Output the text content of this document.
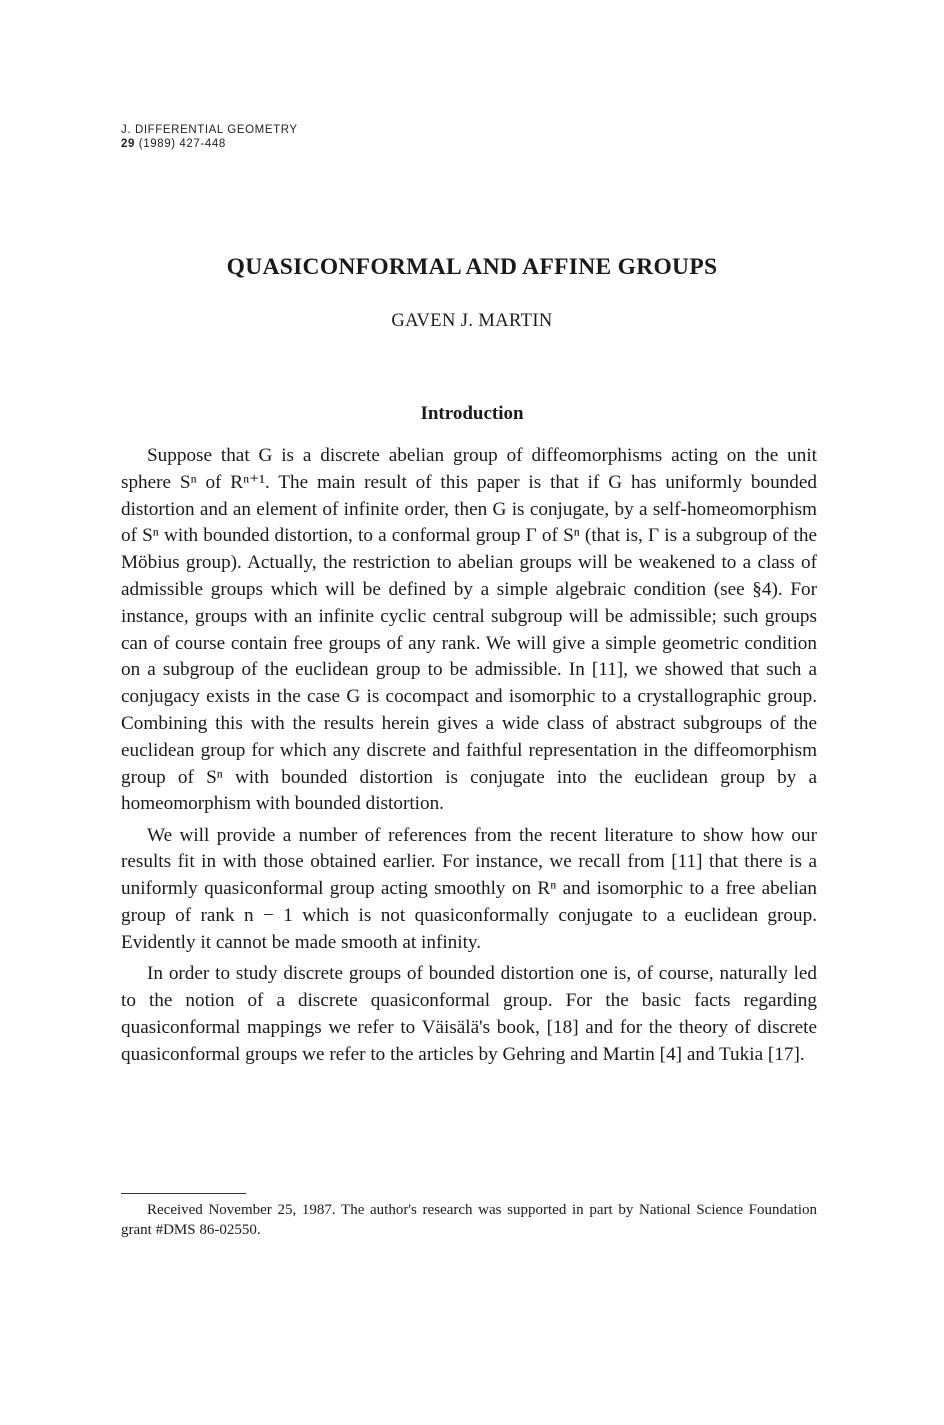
J. DIFFERENTIAL GEOMETRY
29 (1989) 427-448
QUASICONFORMAL AND AFFINE GROUPS
GAVEN J. MARTIN
Introduction

Suppose that G is a discrete abelian group of diffeomorphisms acting on the unit sphere Sⁿ of Rⁿ⁺¹. The main result of this paper is that if G has uniformly bounded distortion and an element of infinite order, then G is conjugate, by a self-homeomorphism of Sⁿ with bounded distortion, to a conformal group Γ of Sⁿ (that is, Γ is a subgroup of the Möbius group). Actually, the restriction to abelian groups will be weakened to a class of admissible groups which will be defined by a simple algebraic condition (see §4). For instance, groups with an infinite cyclic central subgroup will be admissible; such groups can of course contain free groups of any rank. We will give a simple geometric condition on a subgroup of the euclidean group to be admissible. In [11], we showed that such a conjugacy exists in the case G is cocompact and isomorphic to a crystallographic group. Combining this with the results herein gives a wide class of abstract subgroups of the euclidean group for which any discrete and faithful representation in the diffeomorphism group of Sⁿ with bounded distortion is conjugate into the euclidean group by a homeomorphism with bounded distortion.

We will provide a number of references from the recent literature to show how our results fit in with those obtained earlier. For instance, we recall from [11] that there is a uniformly quasiconformal group acting smoothly on Rⁿ and isomorphic to a free abelian group of rank n − 1 which is not quasiconformally conjugate to a euclidean group. Evidently it cannot be made smooth at infinity.

In order to study discrete groups of bounded distortion one is, of course, naturally led to the notion of a discrete quasiconformal group. For the basic facts regarding quasiconformal mappings we refer to Väisälä's book, [18] and for the theory of discrete quasiconformal groups we refer to the articles by Gehring and Martin [4] and Tukia [17].

Received November 25, 1987. The author's research was supported in part by National Science Foundation grant #DMS 86-02550.
